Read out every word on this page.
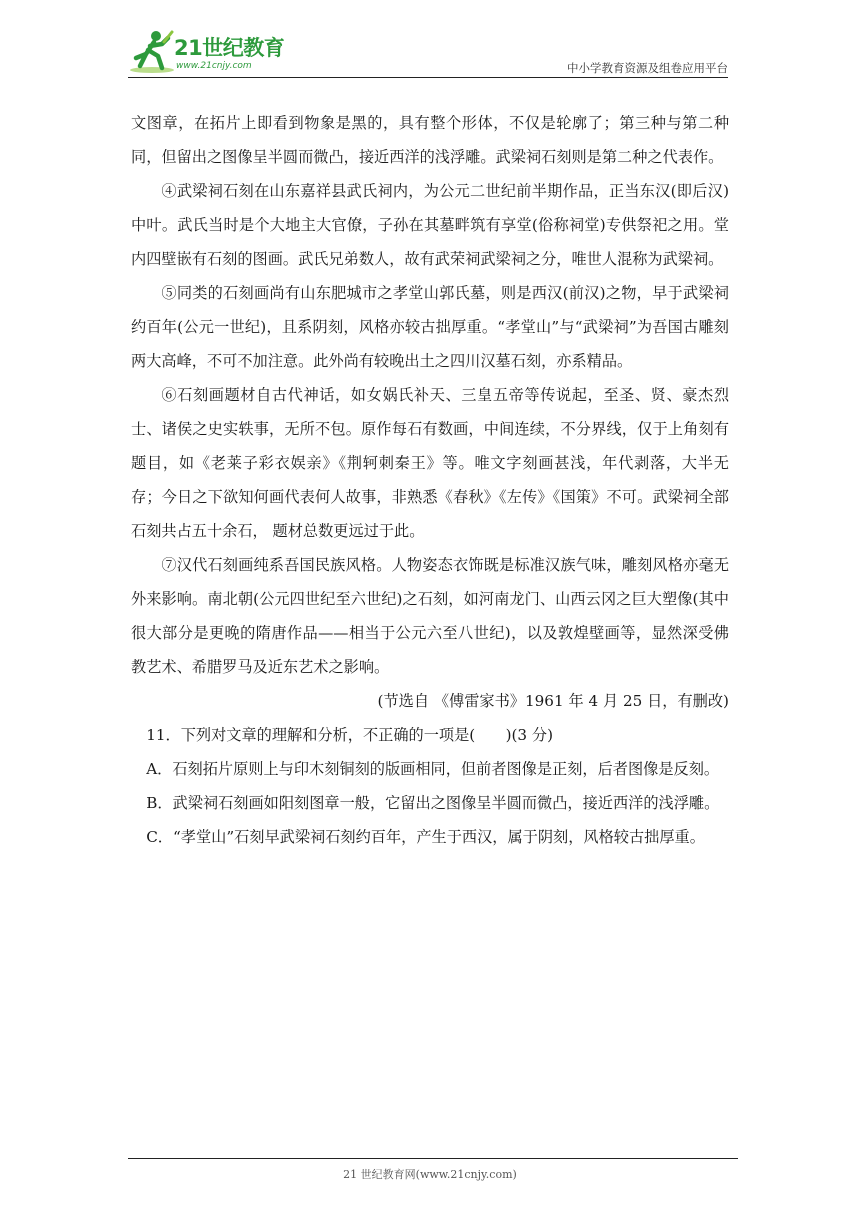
21世纪教育
www.21cnjy.com	中小学教育资源及组卷应用平台

文图章，在拓片上即看到物象是黑的，具有整个形体，不仅是轮廓了；第三种与第二种同，但留出之图像呈半圆而微凸，接近西洋的浅浮雕。武梁祠石刻则是第二种之代表作。

④武梁祠石刻在山东嘉祥县武氏祠内，为公元二世纪前半期作品，正当东汉(即后汉)中叶。武氏当时是个大地主大官僚，子孙在其墓畔筑有享堂(俗称祠堂)专供祭祀之用。堂内四壁嵌有石刻的图画。武氏兄弟数人，故有武荣祠武梁祠之分，唯世人混称为武梁祠。

⑤同类的石刻画尚有山东肥城市之孝堂山郭氏墓，则是西汉(前汉)之物，早于武梁祠约百年(公元一世纪)，且系阴刻，风格亦较古拙厚重。“孝堂山”与“武梁祠”为吾国古雕刻两大高峰，不可不加注意。此外尚有较晚出土之四川汉墓石刻，亦系精品。

⑥石刻画题材自古代神话，如女娲氏补天、三皇五帝等传说起，至圣、贤、豪杰烈士、诸侯之史实轶事，无所不包。原作每石有数画，中间连续，不分界线，仅于上角刻有题目，如《老莱子彩衣娱亲》《荆轲刺秦王》等。唯文字刻画甚浅，年代剥落，大半无存；今日之下欲知何画代表何人故事，非熟悉《春秋》《左传》《国策》不可。武梁祠全部石刻共占五十余石， 题材总数更远过于此。

⑦汉代石刻画纯系吾国民族风格。人物姿态衣饰既是标准汉族气味，雕刻风格亦毫无外来影响。南北朝(公元四世纪至六世纪)之石刻，如河南龙门、山西云冈之巨大塑像(其中很大部分是更晚的隋唐作品——相当于公元六至八世纪)，以及敦煌壁画等，显然深受佛教艺术、希腊罗马及近东艺术之影响。

(节选自 《傅雷家书》1961 年 4 月 25 日，有删改)

11．下列对文章的理解和分析，不正确的一项是(　　)(3 分)

A．石刻拓片原则上与印木刻铜刻的版画相同，但前者图像是正刻，后者图像是反刻。

B．武梁祠石刻画如阳刻图章一般，它留出之图像呈半圆而微凸，接近西洋的浅浮雕。

C．“孝堂山”石刻早武梁祠石刻约百年，产生于西汉，属于阴刻，风格较古拙厚重。

21 世纪教育网(www.21cnjy.com)
